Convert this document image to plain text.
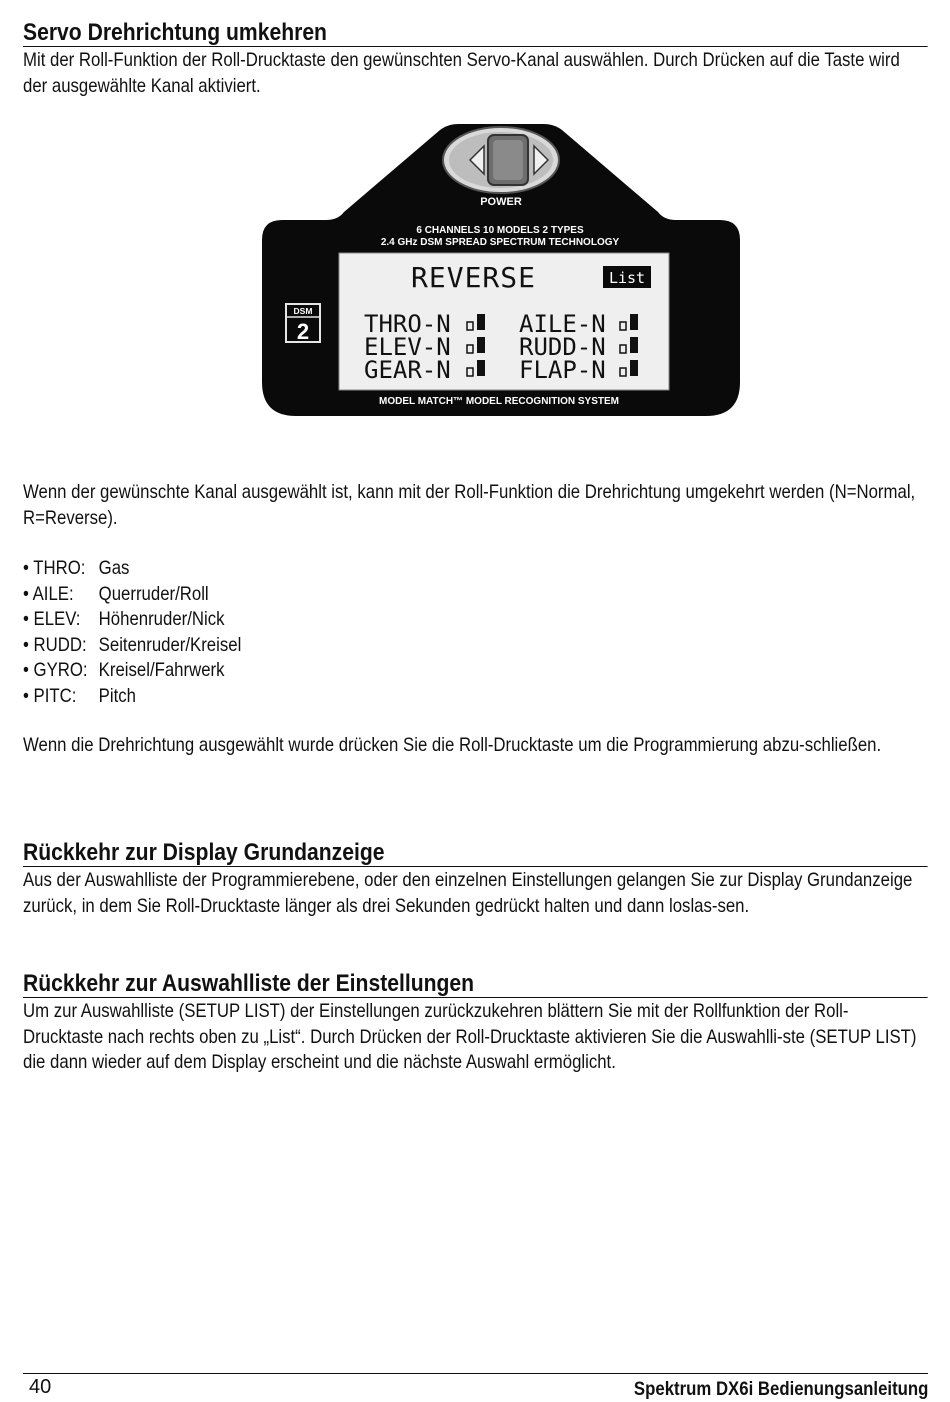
Servo Drehrichtung umkehren

Mit der Roll-Funktion der Roll-Drucktaste den gewünschten Servo-Kanal auswählen. Durch Drücken auf die Taste wird der ausgewählte Kanal aktiviert.

POWER
6 CHANNELS 10 MODELS 2 TYPES
2.4 GHz DSM SPREAD SPECTRUM TECHNOLOGY
DSM
2
REVERSE	List
THRO-N	AILE-N
ELEV-N	RUDD-N
GEAR-N	FLAP-N
MODEL MATCH™ MODEL RECOGNITION SYSTEM

Wenn der gewünschte Kanal ausgewählt ist, kann mit der Roll-Funktion die Drehrichtung umgekehrt werden (N=Normal, R=Reverse).

• THRO: Gas
• AILE:	Querruder/Roll
• ELEV: Höhenruder/Nick
• RUDD: Seitenruder/Kreisel
• GYRO: Kreisel/Fahrwerk
• PITC:	Pitch

Wenn die Drehrichtung ausgewählt wurde drücken Sie die Roll-Drucktaste um die Programmierung abzu-schließen.

Rückkehr zur Display Grundanzeige

Aus der Auswahlliste der Programmierebene, oder den einzelnen Einstellungen gelangen Sie zur Display Grundanzeige zurück, in dem Sie Roll-Drucktaste länger als drei Sekunden gedrückt halten und dann loslas-sen.

Rückkehr zur Auswahlliste der Einstellungen

Um zur Auswahlliste (SETUP LIST) der Einstellungen zurückzukehren blättern Sie mit der Rollfunktion der Roll-Drucktaste nach rechts oben zu „List“. Durch Drücken der Roll-Drucktaste aktivieren Sie die Auswahlli-ste (SETUP LIST) die dann wieder auf dem Display erscheint und die nächste Auswahl ermöglicht.

40	Spektrum DX6i Bedienungsanleitung
